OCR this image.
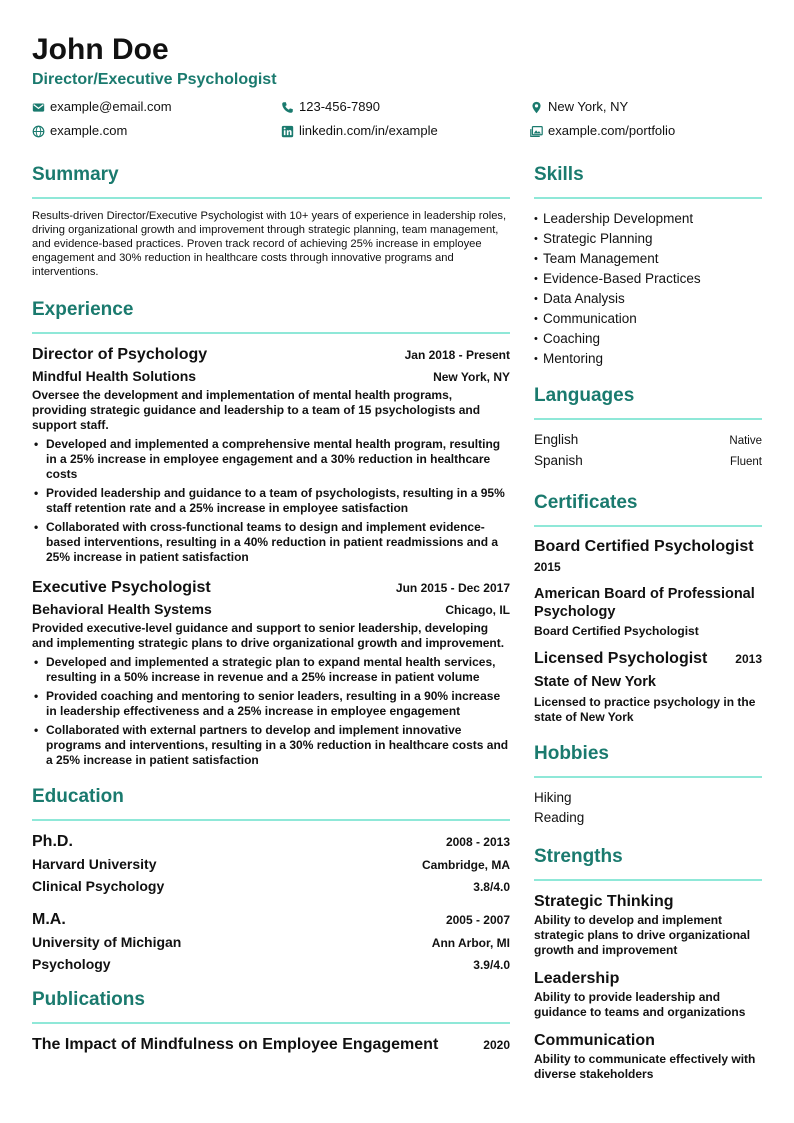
John Doe
Director/Executive Psychologist
example@email.com	123-456-7890	New York, NY
example.com	linkedin.com/in/example	example.com/portfolio
Summary
Results-driven Director/Executive Psychologist with 10+ years of experience in leadership roles, driving organizational growth and improvement through strategic planning, team management, and evidence-based practices. Proven track record of achieving 25% increase in employee engagement and 30% reduction in healthcare costs through innovative programs and interventions.
Experience
Director of Psychology	Jan 2018 - Present
Mindful Health Solutions	New York, NY
Oversee the development and implementation of mental health programs, providing strategic guidance and leadership to a team of 15 psychologists and support staff.
• Developed and implemented a comprehensive mental health program, resulting in a 25% increase in employee engagement and a 30% reduction in healthcare costs
• Provided leadership and guidance to a team of psychologists, resulting in a 95% staff retention rate and a 25% increase in employee satisfaction
• Collaborated with cross-functional teams to design and implement evidence-based interventions, resulting in a 40% reduction in patient readmissions and a 25% increase in patient satisfaction
Executive Psychologist	Jun 2015 - Dec 2017
Behavioral Health Systems	Chicago, IL
Provided executive-level guidance and support to senior leadership, developing and implementing strategic plans to drive organizational growth and improvement.
• Developed and implemented a strategic plan to expand mental health services, resulting in a 50% increase in revenue and a 25% increase in patient volume
• Provided coaching and mentoring to senior leaders, resulting in a 90% increase in leadership effectiveness and a 25% increase in employee engagement
• Collaborated with external partners to develop and implement innovative programs and interventions, resulting in a 30% reduction in healthcare costs and a 25% increase in patient satisfaction
Education
Ph.D.	2008 - 2013
Harvard University	Cambridge, MA
Clinical Psychology	3.8/4.0
M.A.	2005 - 2007
University of Michigan	Ann Arbor, MI
Psychology	3.9/4.0
Publications
The Impact of Mindfulness on Employee Engagement	2020
Skills
• Leadership Development
• Strategic Planning
• Team Management
• Evidence-Based Practices
• Data Analysis
• Communication
• Coaching
• Mentoring
Languages
English	Native
Spanish	Fluent
Certificates
Board Certified Psychologist
2015
American Board of Professional Psychology
Board Certified Psychologist
Licensed Psychologist 2013
State of New York
Licensed to practice psychology in the state of New York
Hobbies
Hiking
Reading
Strengths
Strategic Thinking
Ability to develop and implement strategic plans to drive organizational growth and improvement
Leadership
Ability to provide leadership and guidance to teams and organizations
Communication
Ability to communicate effectively with diverse stakeholders
